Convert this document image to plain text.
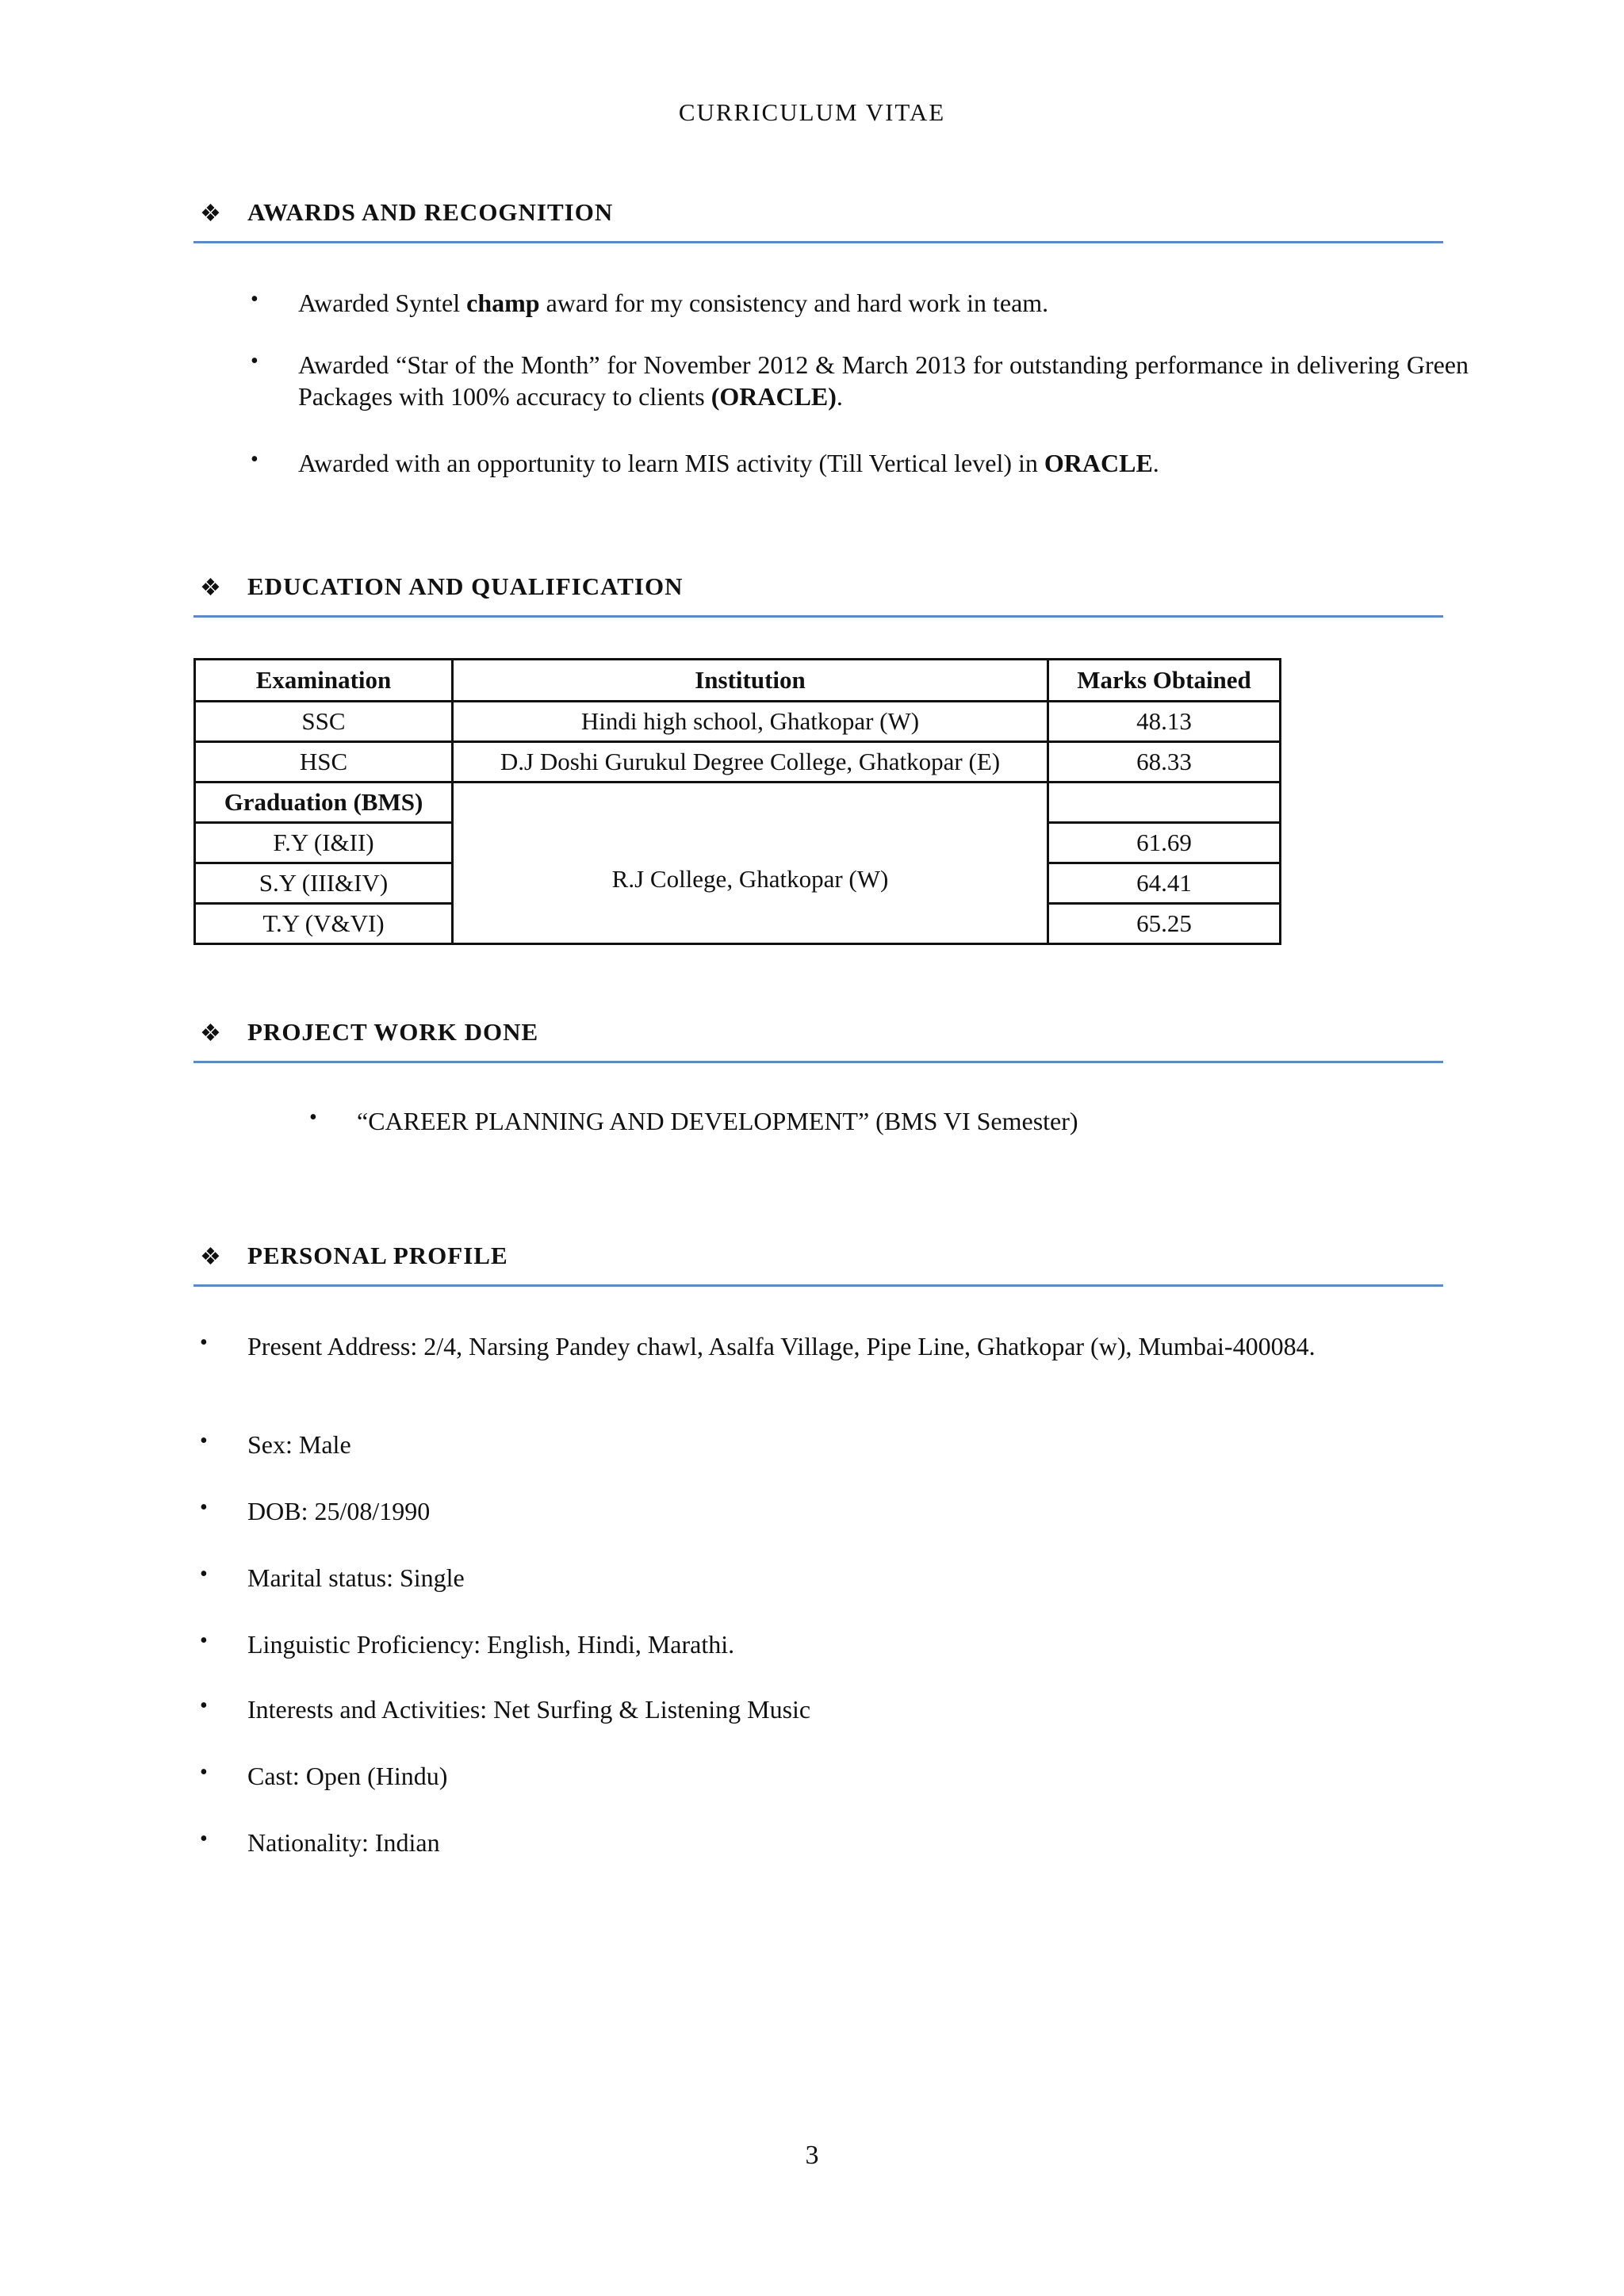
CURRICULUM VITAE
❖ AWARDS AND RECOGNITION
• Awarded Syntel champ award for my consistency and hard work in team.
• Awarded “Star of the Month” for November 2012 & March 2013 for outstanding performance in delivering Green Packages with 100% accuracy to clients (ORACLE).
• Awarded with an opportunity to learn MIS activity (Till Vertical level) in ORACLE.
❖ EDUCATION AND QUALIFICATION
Examination	Institution	Marks Obtained
SSC	Hindi high school, Ghatkopar (W)	48.13
HSC	D.J Doshi Gurukul Degree College, Ghatkopar (E)	68.33
Graduation (BMS)	R.J College, Ghatkopar (W)	
F.Y (I&II)		61.69
S.Y (III&IV)		64.41
T.Y (V&VI)		65.25
❖ PROJECT WORK DONE
• “CAREER PLANNING AND DEVELOPMENT” (BMS VI Semester)
❖ PERSONAL PROFILE
• Present Address: 2/4, Narsing Pandey chawl, Asalfa Village, Pipe Line, Ghatkopar (w), Mumbai-400084.
• Sex: Male
• DOB: 25/08/1990
• Marital status: Single
• Linguistic Proficiency: English, Hindi, Marathi.
• Interests and Activities: Net Surfing & Listening Music
• Cast: Open (Hindu)
• Nationality: Indian
3
